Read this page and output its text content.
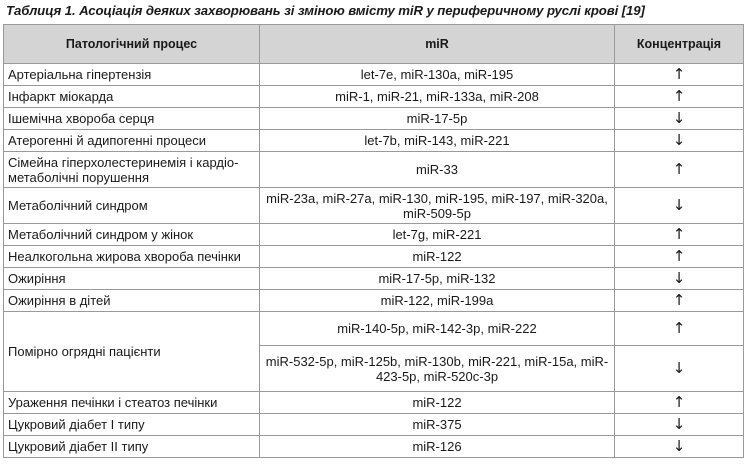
Таблиця 1. Асоціація деяких захворювань зі зміною вмісту miR у периферичному руслі крові [19]
Патологічний процес	miR	Концентрація
Артеріальна гіпертензія	let-7e, miR-130a, miR-195	↑
Інфаркт міокарда	miR-1, miR-21, miR-133a, miR-208	↑
Ішемічна хвороба серця	miR-17-5p	↓
Атерогенні й адипогенні процеси	let-7b, miR-143, miR-221	↓
Сімейна гіперхолестеринемія і кардіо-метаболічні порушення	miR-33	↑
Метаболічний синдром	miR-23a, miR-27a, miR-130, miR-195, miR-197, miR-320a, miR-509-5p	↓
Метаболічний синдром у жінок	let-7g, miR-221	↑
Неалкогольна жирова хвороба печінки	miR-122	↑
Ожиріння	miR-17-5p, miR-132	↓
Ожиріння в дітей	miR-122, miR-199a	↑
Помірно огрядні пацієнти	miR-140-5p, miR-142-3p, miR-222	↑
	miR-532-5p, miR-125b, miR-130b, miR-221, miR-15a, miR-423-5p, miR-520c-3p	↓
Ураження печінки і стеатоз печінки	miR-122	↑
Цукровий діабет І типу	miR-375	↓
Цукровий діабет ІІ типу	miR-126	↓
